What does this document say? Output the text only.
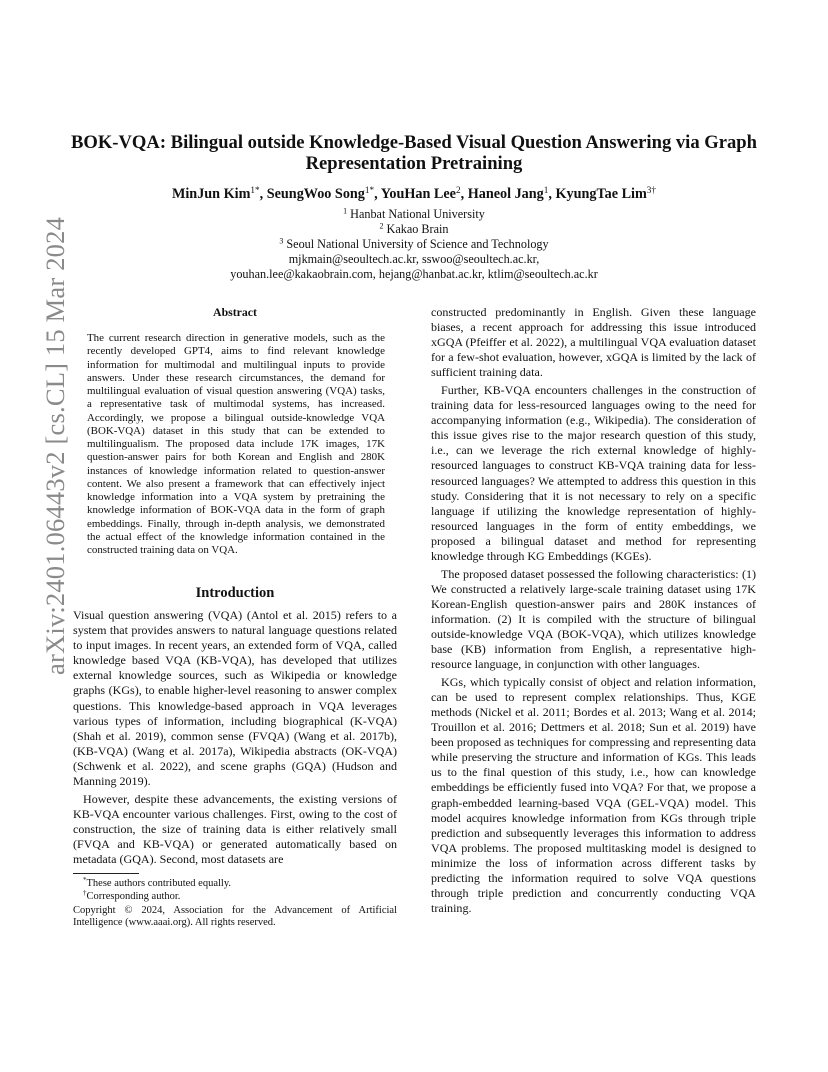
arXiv:2401.06443v2 [cs.CL] 15 Mar 2024
BOK-VQA: Bilingual outside Knowledge-Based Visual Question Answering via Graph Representation Pretraining

MinJun Kim$^{1*}$, SeungWoo Song$^{1*}$, YouHan Lee$^2$, Haneol Jang$^1$, KyungTae Lim$^{3\dagger}$

$^1$ Hanbat National University

$^2$ Kakao Brain

$^3$ Seoul National University of Science and Technology

mjkmain@seoultech.ac.kr, sswoo@seoultech.ac.kr,

youhan.lee@kakaobrain.com, hejang@hanbat.ac.kr, ktlim@seoultech.ac.kr

Abstract

The current research direction in generative models, such as the recently developed GPT4, aims to find relevant knowledge information for multimodal and multilingual inputs to provide answers. Under these research circumstances, the demand for multilingual evaluation of visual question answering (VQA) tasks, a representative task of multimodal systems, has increased. Accordingly, we propose a bilingual outside-knowledge VQA (BOK-VQA) dataset in this study that can be extended to multilingualism. The proposed data include 17K images, 17K question-answer pairs for both Korean and English and 280K instances of knowledge information related to question-answer content. We also present a framework that can effectively inject knowledge information into a VQA system by pretraining the knowledge information of BOK-VQA data in the form of graph embeddings. Finally, through in-depth analysis, we demonstrated the actual effect of the knowledge information contained in the constructed training data on VQA.

Introduction

Visual question answering (VQA) (Antol et al. 2015) refers to a system that provides answers to natural language questions related to input images. In recent years, an extended form of VQA, called knowledge based VQA (KB-VQA), has developed that utilizes external knowledge sources, such as Wikipedia or knowledge graphs (KGs), to enable higher-level reasoning to answer complex questions. This knowledge-based approach in VQA leverages various types of information, including biographical (K-VQA) (Shah et al. 2019), common sense (FVQA) (Wang et al. 2017b), (KB-VQA) (Wang et al. 2017a), Wikipedia abstracts (OK-VQA) (Schwenk et al. 2022), and scene graphs (GQA) (Hudson and Manning 2019).

However, despite these advancements, the existing versions of KB-VQA encounter various challenges. First, owing to the cost of construction, the size of training data is either relatively small (FVQA and KB-VQA) or generated automatically based on metadata (GQA). Second, most datasets are

*These authors contributed equally.

†Corresponding author.

Copyright © 2024, Association for the Advancement of Artificial Intelligence (www.aaai.org). All rights reserved.

constructed predominantly in English. Given these language biases, a recent approach for addressing this issue introduced xGQA (Pfeiffer et al. 2022), a multilingual VQA evaluation dataset for a few-shot evaluation, however, xGQA is limited by the lack of sufficient training data.

Further, KB-VQA encounters challenges in the construction of training data for less-resourced languages owing to the need for accompanying information (e.g., Wikipedia). The consideration of this issue gives rise to the major research question of this study, i.e., can we leverage the rich external knowledge of highly-resourced languages to construct KB-VQA training data for less-resourced languages? We attempted to address this question in this study. Considering that it is not necessary to rely on a specific language if utilizing the knowledge representation of highly-resourced languages in the form of entity embeddings, we proposed a bilingual dataset and method for representing knowledge through KG Embeddings (KGEs).

The proposed dataset possessed the following characteristics: (1) We constructed a relatively large-scale training dataset using 17K Korean-English question-answer pairs and 280K instances of information. (2) It is compiled with the structure of bilingual outside-knowledge VQA (BOK-VQA), which utilizes knowledge base (KB) information from English, a representative high-resource language, in conjunction with other languages.

KGs, which typically consist of object and relation information, can be used to represent complex relationships. Thus, KGE methods (Nickel et al. 2011; Bordes et al. 2013; Wang et al. 2014; Trouillon et al. 2016; Dettmers et al. 2018; Sun et al. 2019) have been proposed as techniques for compressing and representing data while preserving the structure and information of KGs. This leads us to the final question of this study, i.e., how can knowledge embeddings be efficiently fused into VQA? For that, we propose a graph-embedded learning-based VQA (GEL-VQA) model. This model acquires knowledge information from KGs through triple prediction and subsequently leverages this information to address VQA problems. The proposed multitasking model is designed to minimize the loss of information across different tasks by predicting the information required to solve VQA questions through triple prediction and concurrently conducting VQA training.
